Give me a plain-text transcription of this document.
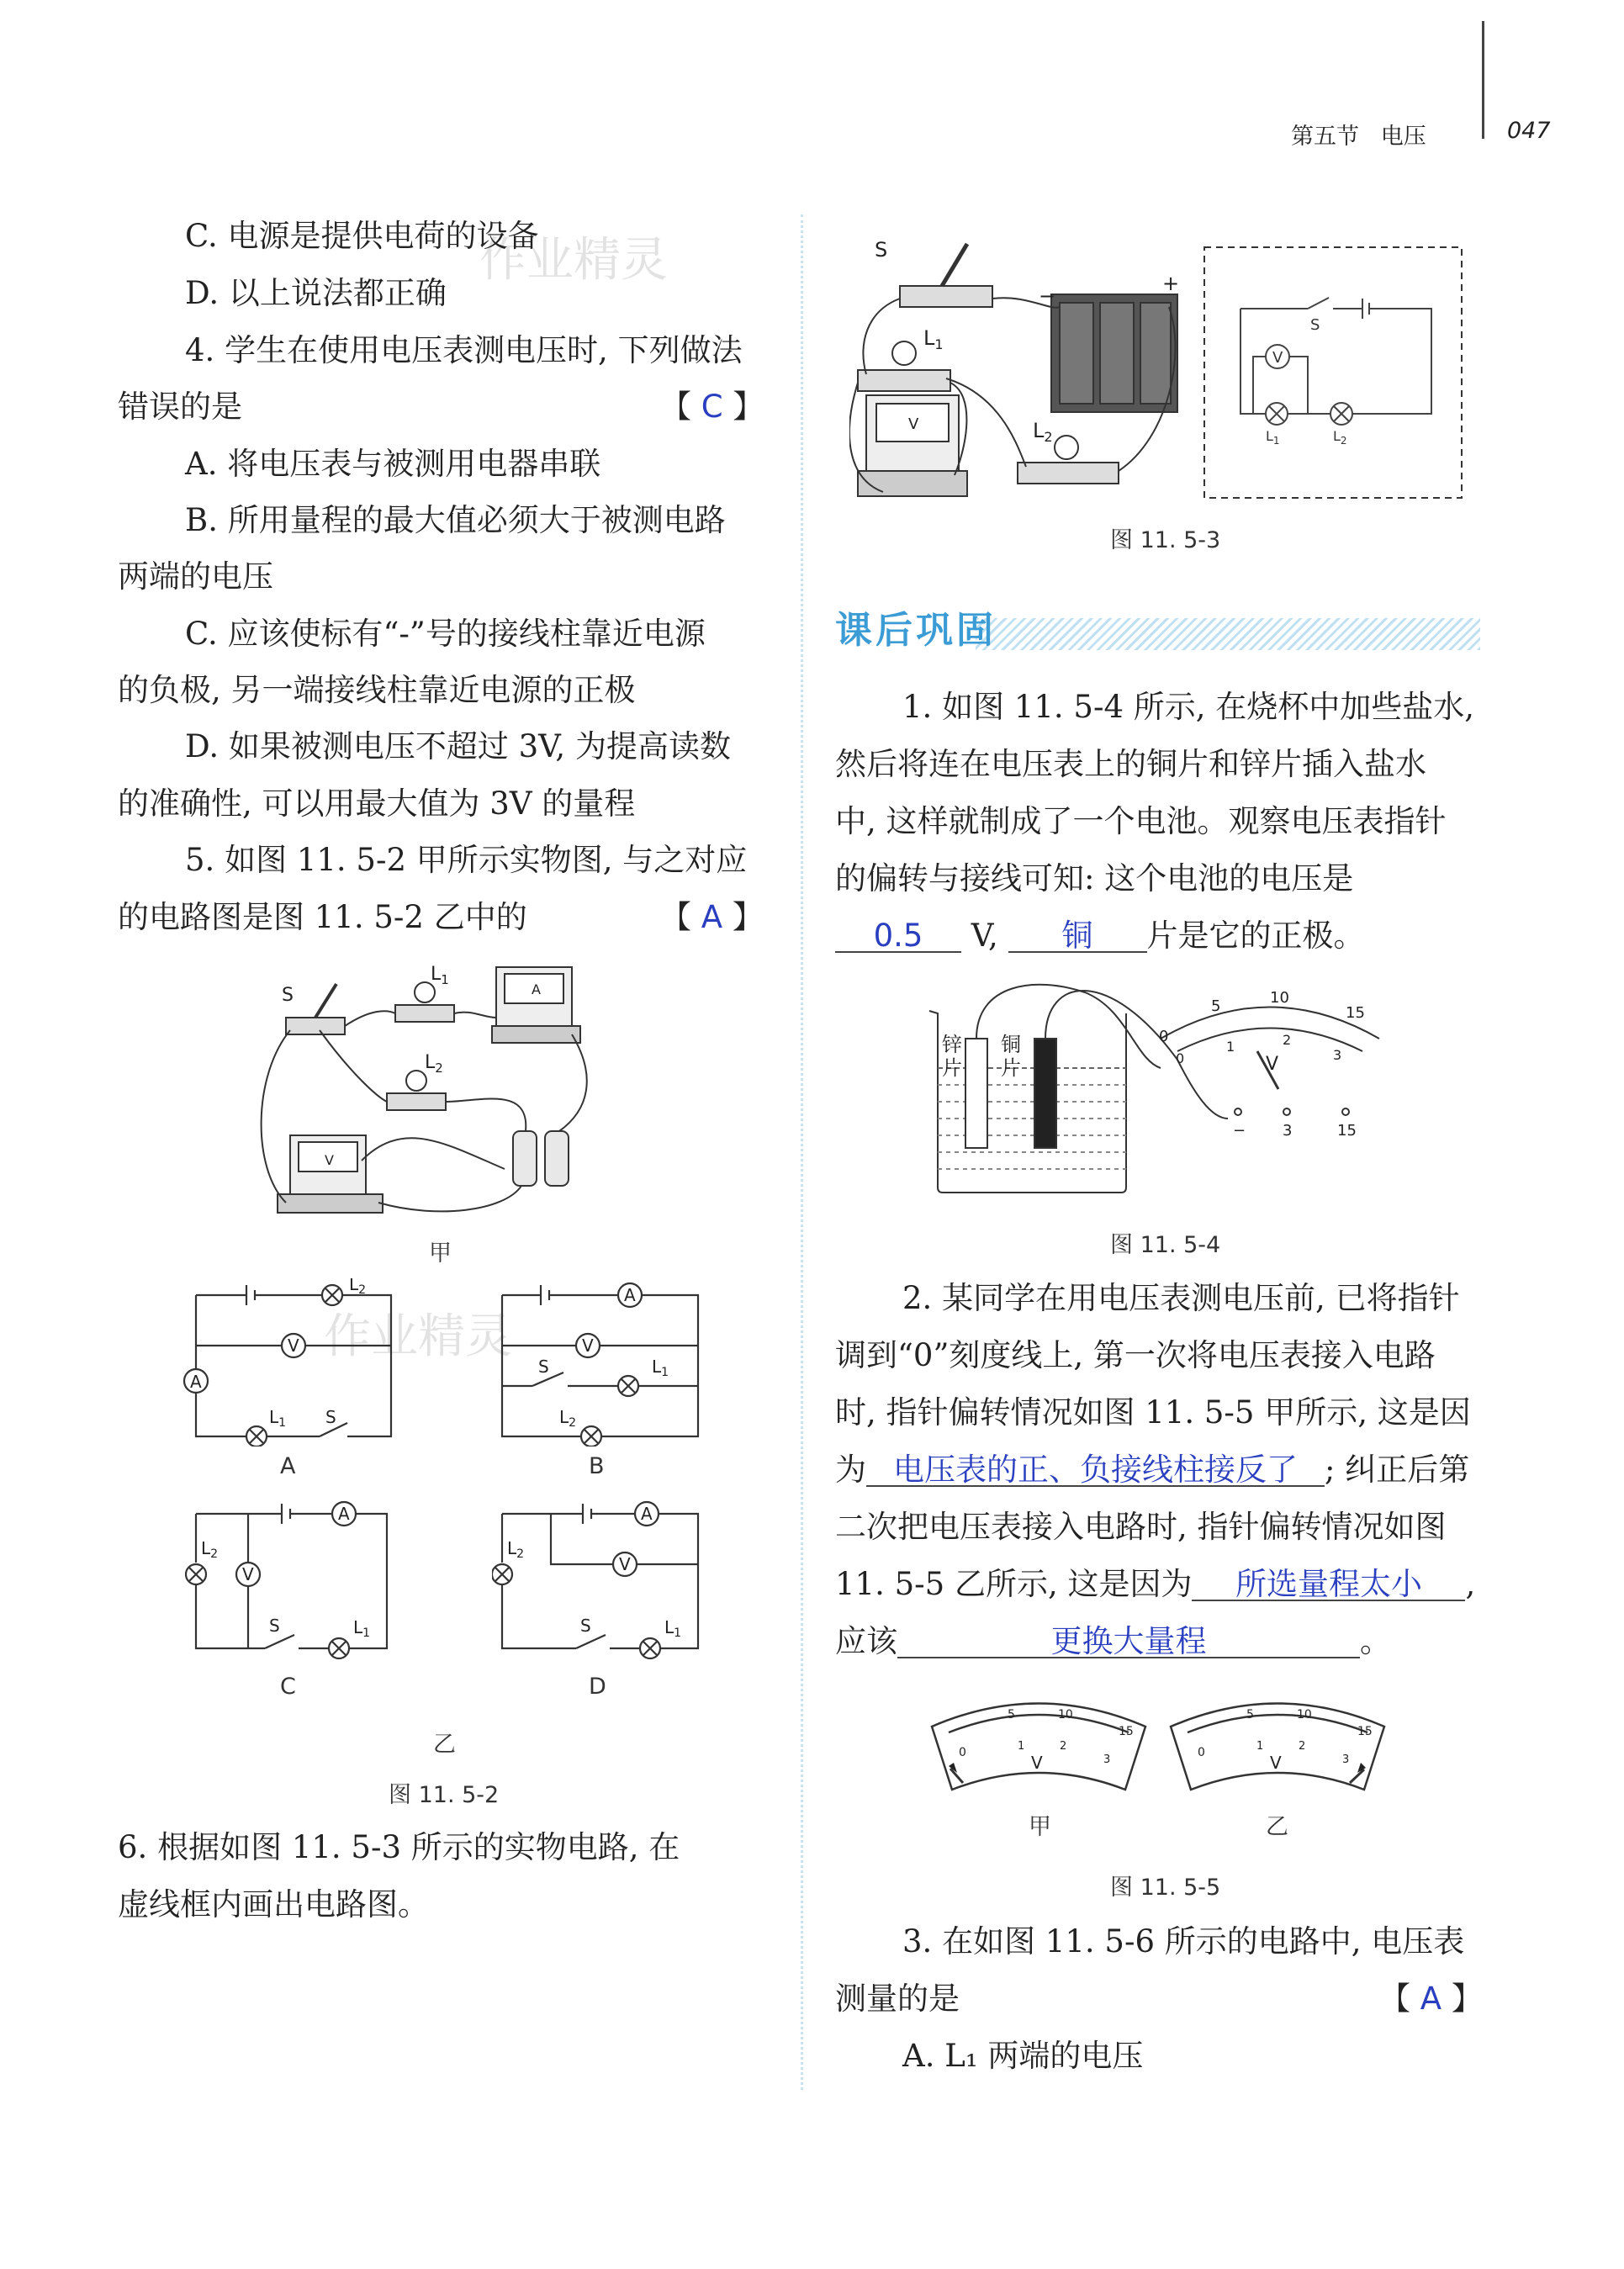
第五节 电压	047
作业精灵
作业精灵
C. 电源是提供电荷的设备
D. 以上说法都正确
4. 学生在使用电压表测电压时, 下列做法
错误的是	【 C 】
A. 将电压表与被测用电器串联
B. 所用量程的最大值必须大于被测电路
两端的电压
C. 应该使标有“-”号的接线柱靠近电源
的负极, 另一端接线柱靠近电源的正极
D. 如果被测电压不超过 3V, 为提高读数
的准确性, 可以用最大值为 3V 的量程
5. 如图 11. 5-2 甲所示实物图, 与之对应
的电路图是图 11. 5-2 乙中的	【 A 】
S
$L_1$
$L_2$
A
V
甲
A
V
$L_2$
$L_1$ S
A
A
V
S	$L_1$
$L_2$
B
A
V
$L_2$
S	$L_1$
C
A
V
$L_2$
S	$L_1$
D
乙
图 11. 5-2
6. 根据如图 11. 5-3 所示的实物电路, 在
虚线框内画出电路图。
S
$L_1$
$L_2$
−
+
V
S
V
$L_1$	$L_2$
图 11. 5-3
课后巩固
1. 如图 11. 5-4 所示, 在烧杯中加些盐水,
然后将连在电压表上的铜片和锌片插入盐水
中, 这样就制成了一个电池。观察电压表指针
的偏转与接线可知: 这个电池的电压是
0.5 V, 铜 片是它的正极。
0
5	10
15
0
1	2
3
V
− 3	15
锌片
铜片
图 11. 5-4
2. 某同学在用电压表测电压前, 已将指针
调到“0”刻度线上, 第一次将电压表接入电路
时, 指针偏转情况如图 11. 5-5 甲所示, 这是因
为 电压表的正、负接线柱接反了 ; 纠正后第
二次把电压表接入电路时, 指针偏转情况如图
11. 5-5 乙所示, 这是因为 所选量程太小 ,
应该	更换大量程	。
0
5	10
15
1	2
3
V	0
5	10
15
1	2
3
V
甲	乙
图 11. 5-5
3. 在如图 11. 5-6 所示的电路中, 电压表
测量的是	【 A 】
A. L₁ 两端的电压
